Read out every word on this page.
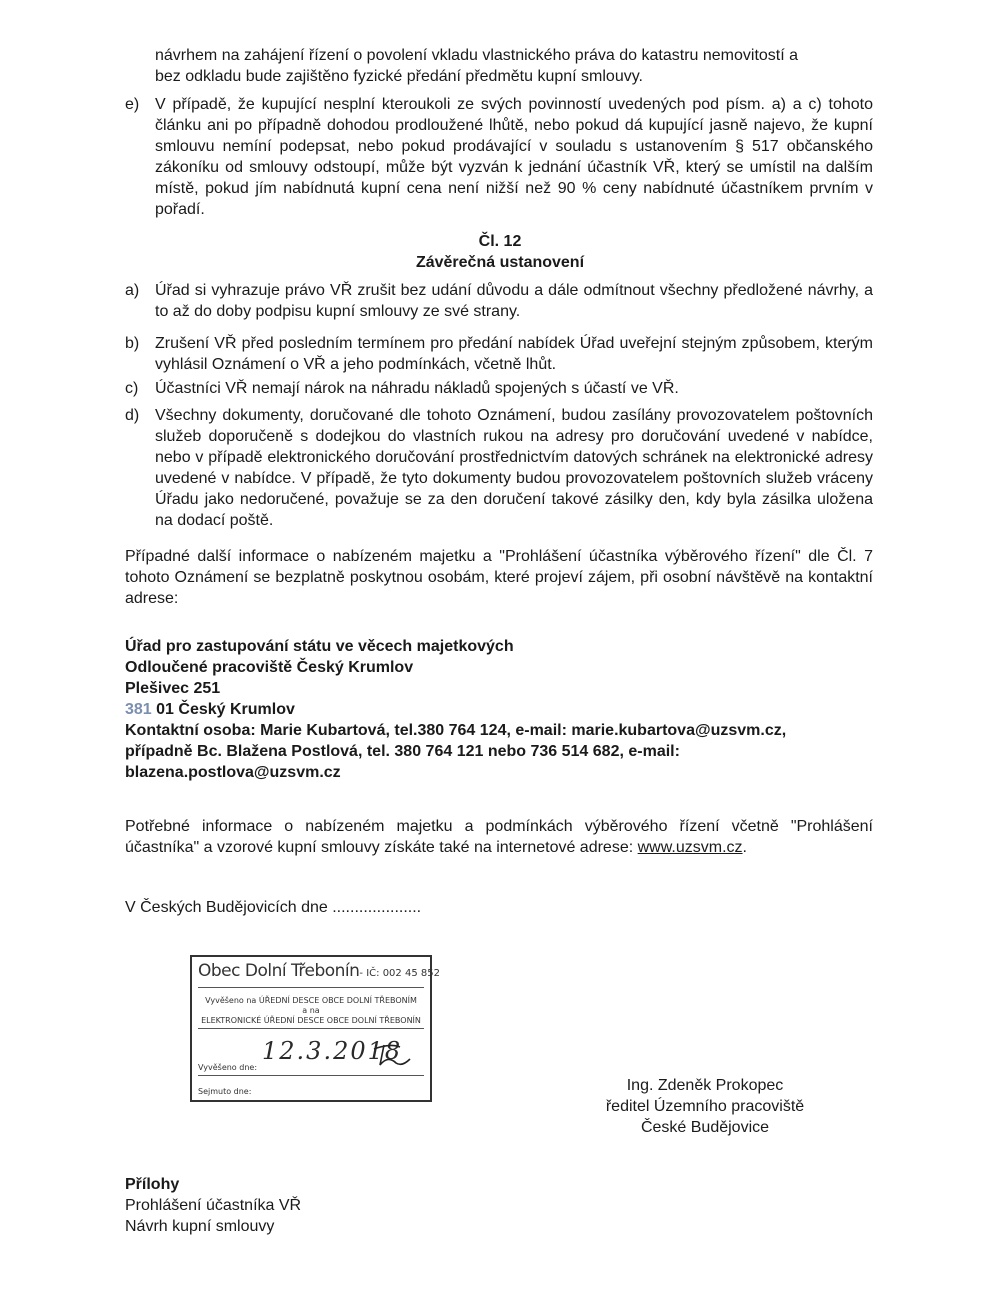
návrhem na zahájení řízení o povolení vkladu vlastnického práva do katastru nemovitostí a
bez odkladu bude zajištěno fyzické předání předmětu kupní smlouvy.
e) V případě, že kupující nesplní kteroukoli ze svých povinností uvedených pod písm. a) a c) tohoto článku ani po případně dohodou prodloužené lhůtě, nebo pokud dá kupující jasně najevo, že kupní smlouvu nemíní podepsat, nebo pokud prodávající v souladu s ustanovením § 517 občanského zákoníku od smlouvy odstoupí, může být vyzván k jednání účastník VŘ, který se umístil na dalším místě, pokud jím nabídnutá kupní cena není nižší než 90 % ceny nabídnuté účastníkem prvním v pořadí.
Čl. 12
Závěrečná ustanovení
a) Úřad si vyhrazuje právo VŘ zrušit bez udání důvodu a dále odmítnout všechny předložené návrhy, a to až do doby podpisu kupní smlouvy ze své strany.
b) Zrušení VŘ před posledním termínem pro předání nabídek Úřad uveřejní stejným způsobem, kterým vyhlásil Oznámení o VŘ a jeho podmínkách, včetně lhůt.
c) Účastníci VŘ nemají nárok na náhradu nákladů spojených s účastí ve VŘ.
d) Všechny dokumenty, doručované dle tohoto Oznámení, budou zasílány provozovatelem poštovních služeb doporučeně s dodejkou do vlastních rukou na adresy pro doručování uvedené v nabídce, nebo v případě elektronického doručování prostřednictvím datových schránek na elektronické adresy uvedené v nabídce. V případě, že tyto dokumenty budou provozovatelem poštovních služeb vráceny Úřadu jako nedoručené, považuje se za den doručení takové zásilky den, kdy byla zásilka uložena na dodací poště.
Případné další informace o nabízeném majetku a "Prohlášení účastníka výběrového řízení" dle Čl. 7 tohoto Oznámení se bezplatně poskytnou osobám, které projeví zájem, při osobní návštěvě na kontaktní adrese:
Úřad pro zastupování státu ve věcech majetkových
Odloučené pracoviště Český Krumlov
Plešivec 251
381 01 Český Krumlov
Kontaktní osoba: Marie Kubartová, tel.380 764 124, e-mail: marie.kubartova@uzsvm.cz,
případně Bc. Blažena Postlová, tel. 380 764 121 nebo 736 514 682, e-mail:
blazena.postlova@uzsvm.cz
Potřebné informace o nabízeném majetku a podmínkách výběrového řízení včetně "Prohlášení účastníka" a vzorové kupní smlouvy získáte také na internetové adrese: www.uzsvm.cz.
V Českých Budějovicích dne ....................
Obec Dolní Třebonín- IČ: 002 45 852
Vyvěšeno na ÚŘEDNÍ DESCE OBCE DOLNÍ TŘEBONÍM
a na
ELEKTRONICKÉ ÚŘEDNÍ DESCE OBCE DOLNÍ TŘEBONÍN
Vyvěšeno dne:
12.3.2018
Sejmuto dne:	Ing. Zdeněk Prokopec
ředitel Územního pracoviště
České Budějovice
Přílohy
Prohlášení účastníka VŘ
Návrh kupní smlouvy
